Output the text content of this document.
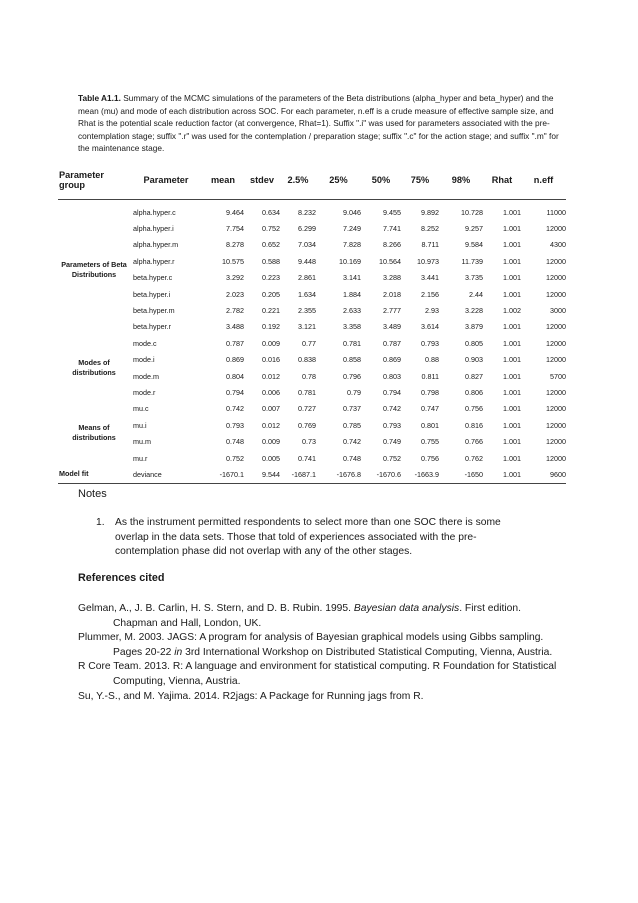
Table A1.1. Summary of the MCMC simulations of the parameters of the Beta distributions (alpha_hyper and beta_hyper) and the mean (mu) and mode of each distribution across SOC. For each parameter, n.eff is a crude measure of effective sample size, and Rhat is the potential scale reduction factor (at convergence, Rhat=1). Suffix ".i" was used for parameters associated with the pre-contemplation stage; suffix ".r" was used for the contemplation / preparation stage; suffix ".c" for the action stage; and suffix ".m" for the maintenance stage.
Parameter group	Parameter	mean	stdev	2.5%	25%	50%	75%	98%	Rhat	n.eff
Parameters of Beta Distributions	alpha.hyper.c	9.464	0.634	8.232	9.046	9.455	9.892	10.728	1.001	11000
	alpha.hyper.i	7.754	0.752	6.299	7.249	7.741	8.252	9.257	1.001	12000
	alpha.hyper.m	8.278	0.652	7.034	7.828	8.266	8.711	9.584	1.001	4300
	alpha.hyper.r	10.575	0.588	9.448	10.169	10.564	10.973	11.739	1.001	12000
	beta.hyper.c	3.292	0.223	2.861	3.141	3.288	3.441	3.735	1.001	12000
	beta.hyper.i	2.023	0.205	1.634	1.884	2.018	2.156	2.44	1.001	12000
	beta.hyper.m	2.782	0.221	2.355	2.633	2.777	2.93	3.228	1.002	3000
	beta.hyper.r	3.488	0.192	3.121	3.358	3.489	3.614	3.879	1.001	12000
Modes of distributions	mode.c	0.787	0.009	0.77	0.781	0.787	0.793	0.805	1.001	12000
	mode.i	0.869	0.016	0.838	0.858	0.869	0.88	0.903	1.001	12000
	mode.m	0.804	0.012	0.78	0.796	0.803	0.811	0.827	1.001	5700
	mode.r	0.794	0.006	0.781	0.79	0.794	0.798	0.806	1.001	12000
Means of distributions	mu.c	0.742	0.007	0.727	0.737	0.742	0.747	0.756	1.001	12000
	mu.i	0.793	0.012	0.769	0.785	0.793	0.801	0.816	1.001	12000
	mu.m	0.748	0.009	0.73	0.742	0.749	0.755	0.766	1.001	12000
	mu.r	0.752	0.005	0.741	0.748	0.752	0.756	0.762	1.001	12000
Model fit	deviance	-1670.1	9.544	-1687.1	-1676.8	-1670.6	-1663.9	-1650	1.001	9600
Notes
1. As the instrument permitted respondents to select more than one SOC there is some overlap in the data sets. Those that told of experiences associated with the pre-contemplation phase did not overlap with any of the other stages.
References cited

Gelman, A., J. B. Carlin, H. S. Stern, and D. B. Rubin. 1995. Bayesian data analysis. First edition. Chapman and Hall, London, UK.

Plummer, M. 2003. JAGS: A program for analysis of Bayesian graphical models using Gibbs sampling. Pages 20-22 in 3rd International Workshop on Distributed Statistical Computing, Vienna, Austria.

R Core Team. 2013. R: A language and environment for statistical computing. R Foundation for Statistical Computing, Vienna, Austria.

Su, Y.-S., and M. Yajima. 2014. R2jags: A Package for Running jags from R.
